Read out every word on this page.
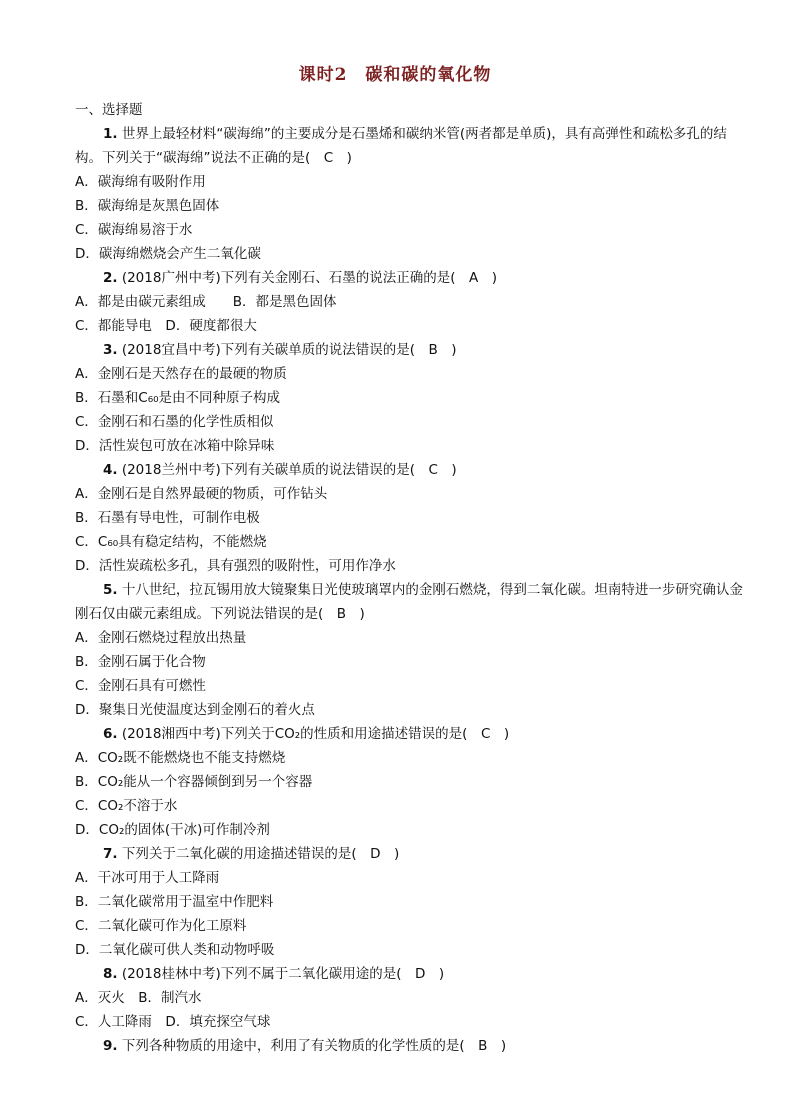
课时2　碳和碳的氧化物
一、选择题
1. 世界上最轻材料“碳海绵”的主要成分是石墨烯和碳纳米管(两者都是单质)，具有高弹性和疏松多孔的结
构。下列关于“碳海绵”说法不正确的是(　C　)
A．碳海绵有吸附作用
B．碳海绵是灰黑色固体
C．碳海绵易溶于水
D．碳海绵燃烧会产生二氧化碳
2. (2018广州中考)下列有关金刚石、石墨的说法正确的是(　A　)
A．都是由碳元素组成　　B．都是黑色固体
C．都能导电　D．硬度都很大
3. (2018宜昌中考)下列有关碳单质的说法错误的是(　B　)
A．金刚石是天然存在的最硬的物质
B．石墨和C₆₀是由不同种原子构成
C．金刚石和石墨的化学性质相似
D．活性炭包可放在冰箱中除异味
4. (2018兰州中考)下列有关碳单质的说法错误的是(　C　)
A．金刚石是自然界最硬的物质，可作钻头
B．石墨有导电性，可制作电极
C．C₆₀具有稳定结构，不能燃烧
D．活性炭疏松多孔，具有强烈的吸附性，可用作净水
5. 十八世纪，拉瓦锡用放大镜聚集日光使玻璃罩内的金刚石燃烧，得到二氧化碳。坦南特进一步研究确认金
刚石仅由碳元素组成。下列说法错误的是(　B　)
A．金刚石燃烧过程放出热量
B．金刚石属于化合物
C．金刚石具有可燃性
D．聚集日光使温度达到金刚石的着火点
6. (2018湘西中考)下列关于CO₂的性质和用途描述错误的是(　C　)
A．CO₂既不能燃烧也不能支持燃烧
B．CO₂能从一个容器倾倒到另一个容器
C．CO₂不溶于水
D．CO₂的固体(干冰)可作制冷剂
7. 下列关于二氧化碳的用途描述错误的是(　D　)
A．干冰可用于人工降雨
B．二氧化碳常用于温室中作肥料
C．二氧化碳可作为化工原料
D．二氧化碳可供人类和动物呼吸
8. (2018桂林中考)下列不属于二氧化碳用途的是(　D　)
A．灭火　B．制汽水
C．人工降雨　D．填充探空气球
9. 下列各种物质的用途中，利用了有关物质的化学性质的是(　B　)
